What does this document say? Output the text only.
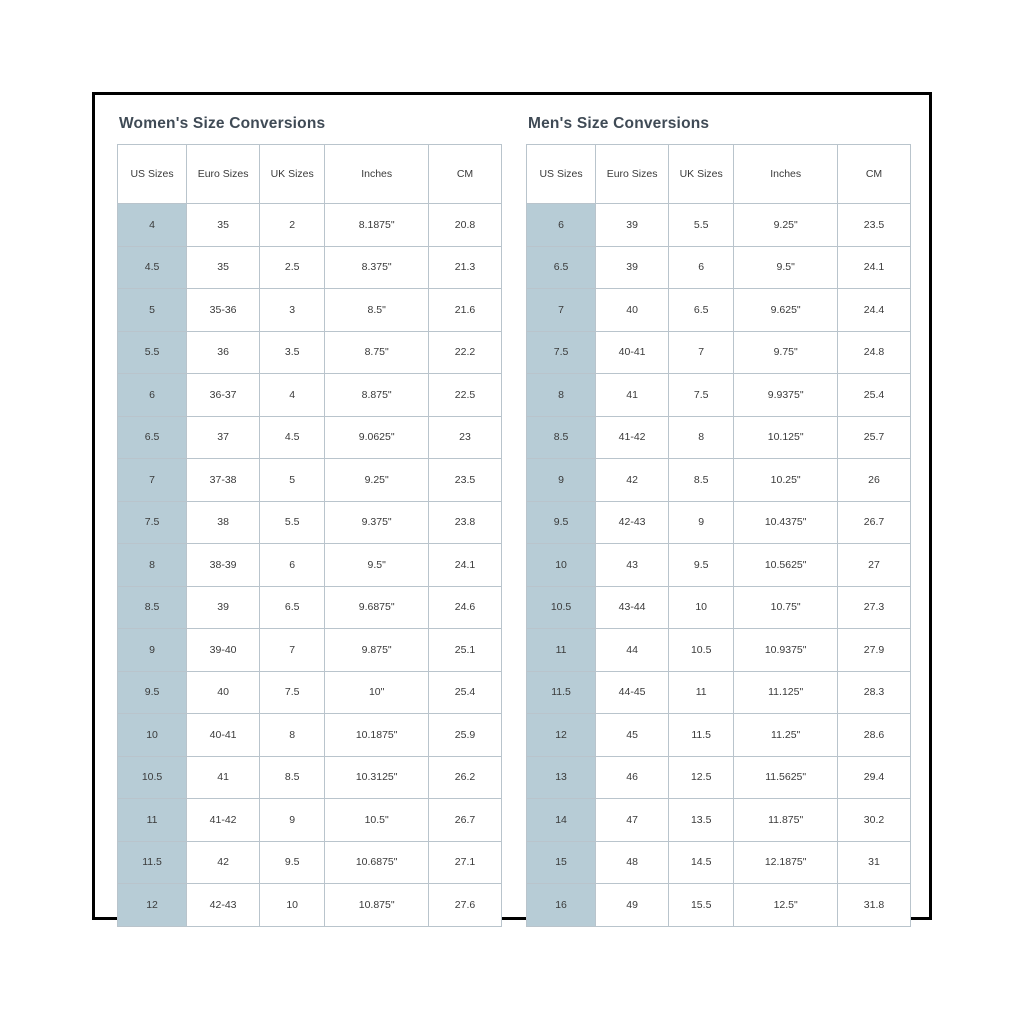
Women's Size Conversions
US Sizes	Euro Sizes	UK Sizes	Inches	CM
4	35	2	8.1875"	20.8
4.5	35	2.5	8.375"	21.3
5	35-36	3	8.5"	21.6
5.5	36	3.5	8.75"	22.2
6	36-37	4	8.875"	22.5
6.5	37	4.5	9.0625"	23
7	37-38	5	9.25"	23.5
7.5	38	5.5	9.375"	23.8
8	38-39	6	9.5"	24.1
8.5	39	6.5	9.6875"	24.6
9	39-40	7	9.875"	25.1
9.5	40	7.5	10"	25.4
10	40-41	8	10.1875"	25.9
10.5	41	8.5	10.3125"	26.2
11	41-42	9	10.5"	26.7
11.5	42	9.5	10.6875"	27.1
12	42-43	10	10.875"	27.6
Men's Size Conversions
US Sizes	Euro Sizes	UK Sizes	Inches	CM
6	39	5.5	9.25"	23.5
6.5	39	6	9.5"	24.1
7	40	6.5	9.625"	24.4
7.5	40-41	7	9.75"	24.8
8	41	7.5	9.9375"	25.4
8.5	41-42	8	10.125"	25.7
9	42	8.5	10.25"	26
9.5	42-43	9	10.4375"	26.7
10	43	9.5	10.5625"	27
10.5	43-44	10	10.75"	27.3
11	44	10.5	10.9375"	27.9
11.5	44-45	11	11.125"	28.3
12	45	11.5	11.25"	28.6
13	46	12.5	11.5625"	29.4
14	47	13.5	11.875"	30.2
15	48	14.5	12.1875"	31
16	49	15.5	12.5"	31.8
